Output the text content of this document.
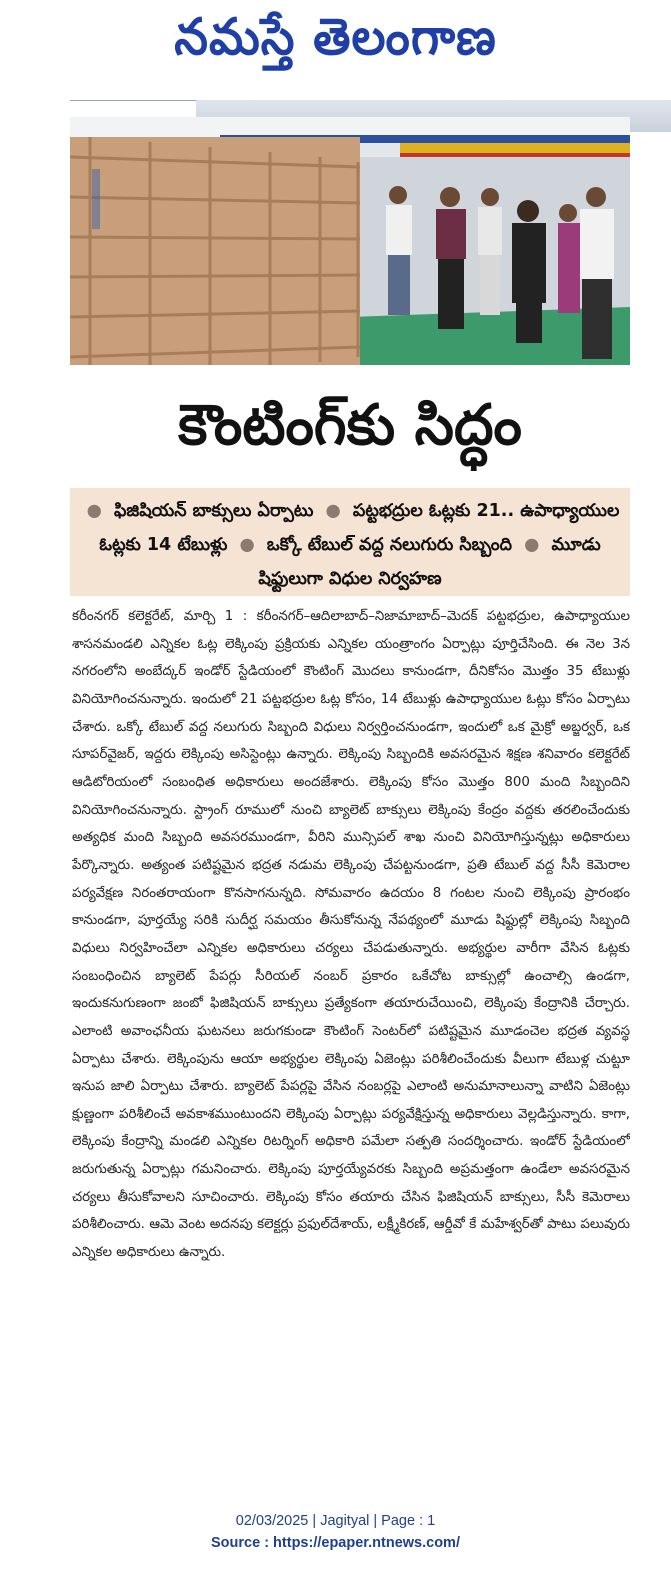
నమస్తే తెలంగాణ
కౌంటింగ్‌కు సిద్ధం
● ఫిజిషియన్ బాక్సులు ఏర్పాటు ● పట్టభద్రుల ఓట్లకు 21.. ఉపాధ్యాయుల ఓట్లకు 14 టేబుళ్లు ● ఒక్కో టేబుల్ వద్ద నలుగురు సిబ్బంది ● మూడు షిఫ్టులుగా విధుల నిర్వహణ
కరీంనగర్ కలెక్టరేట్, మార్చి 1 : కరీంనగర్–ఆదిలాబాద్–నిజామాబాద్–మెదక్ పట్టభద్రుల, ఉపాధ్యాయుల శాసనమండలి ఎన్నికల ఓట్ల లెక్కింపు ప్రక్రియకు ఎన్నికల యంత్రాంగం ఏర్పాట్లు పూర్తిచేసింది. ఈ నెల 3న నగరంలోని అంబేద్కర్ ఇండోర్ స్టేడియంలో కౌంటింగ్ మొదలు కానుండగా, దీనికోసం మొత్తం 35 టేబుళ్లు వినియోగించనున్నారు. ఇందులో 21 పట్టభద్రుల ఓట్ల కోసం, 14 టేబుళ్లు ఉపాధ్యాయుల ఓట్లు కోసం ఏర్పాటు చేశారు. ఒక్కో టేబుల్ వద్ద నలుగురు సిబ్బంది విధులు నిర్వర్తించనుండగా, ఇందులో ఒక మైక్రో అబ్జర్వర్, ఒక సూపర్‌వైజర్, ఇద్దరు లెక్కింపు అసిస్టెంట్లు ఉన్నారు. లెక్కింపు సిబ్బందికి అవసరమైన శిక్షణ శనివారం కలెక్టరేట్ ఆడిటోరియంలో సంబంధిత అధికారులు అందజేశారు. లెక్కింపు కోసం మొత్తం 800 మంది సిబ్బందిని వినియోగించనున్నారు. స్ట్రాంగ్ రూములో నుంచి బ్యాలెట్ బాక్సులు లెక్కింపు కేంద్రం వద్దకు తరలించేందుకు అత్యధిక మంది సిబ్బంది అవసరముండగా, వీరిని మున్సిపల్ శాఖ నుంచి వినియోగిస్తున్నట్లు అధికారులు పేర్కొన్నారు. అత్యంత పటిష్టమైన భద్రత నడుమ లెక్కింపు చేపట్టనుండగా, ప్రతి టేబుల్ వద్ద సీసీ కెమెరాల పర్యవేక్షణ నిరంతరాయంగా కొనసాగనున్నది. సోమవారం ఉదయం 8 గంటల నుంచి లెక్కింపు ప్రారంభం కానుండగా, పూర్తయ్యే సరికి సుదీర్ఘ సమయం తీసుకోనున్న నేపథ్యంలో మూడు షిఫ్టుల్లో లెక్కింపు సిబ్బంది విధులు నిర్వహించేలా ఎన్నికల అధికారులు చర్యలు చేపడుతున్నారు. అభ్యర్థుల వారీగా వేసిన ఓట్లకు సంబంధించిన బ్యాలెట్ పేపర్లు సీరియల్ నంబర్ ప్రకారం ఒకేచోట బాక్సుల్లో ఉంచాల్సి ఉండగా, ఇందుకనుగుణంగా జంబో ఫిజిషియన్ బాక్సులు ప్రత్యేకంగా తయారుచేయించి, లెక్కింపు కేంద్రానికి చేర్చారు. ఎలాంటి అవాంఛనీయ ఘటనలు జరుగకుండా కౌంటింగ్ సెంటర్‌లో పటిష్టమైన మూడంచెల భద్రత వ్యవస్థ ఏర్పాటు చేశారు. లెక్కింపును ఆయా అభ్యర్థుల లెక్కింపు ఏజెంట్లు పరిశీలించేందుకు వీలుగా టేబుళ్ల చుట్టూ ఇనుప జాలి ఏర్పాటు చేశారు. బ్యాలెట్ పేపర్లపై వేసిన నంబర్లపై ఎలాంటి అనుమానాలున్నా వాటిని ఏజెంట్లు క్షుణ్ణంగా పరిశీలించే అవకాశముంటుందని లెక్కింపు ఏర్పాట్లు పర్యవేక్షిస్తున్న అధికారులు వెల్లడిస్తున్నారు. కాగా, లెక్కింపు కేంద్రాన్ని మండలి ఎన్నికల రిటర్నింగ్ అధికారి పమేలా సత్పతి సందర్శించారు. ఇండోర్ స్టేడియంలో జరుగుతున్న ఏర్పాట్లు గమనించారు. లెక్కింపు పూర్తయ్యేవరకు సిబ్బంది అప్రమత్తంగా ఉండేలా అవసరమైన చర్యలు తీసుకోవాలని సూచించారు. లెక్కింపు కోసం తయారు చేసిన ఫిజిషియన్ బాక్సులు, సీసీ కెమెరాలు పరిశీలించారు. ఆమె వెంట అదనపు కలెక్టర్లు ప్రఫుల్‌దేశాయ్, లక్ష్మీకిరణ్, ఆర్డీవో కే మహేశ్వర్‌తో పాటు పలువురు ఎన్నికల అధికారులు ఉన్నారు.
02/03/2025 | Jagityal | Page : 1
Source : https://epaper.ntnews.com/
